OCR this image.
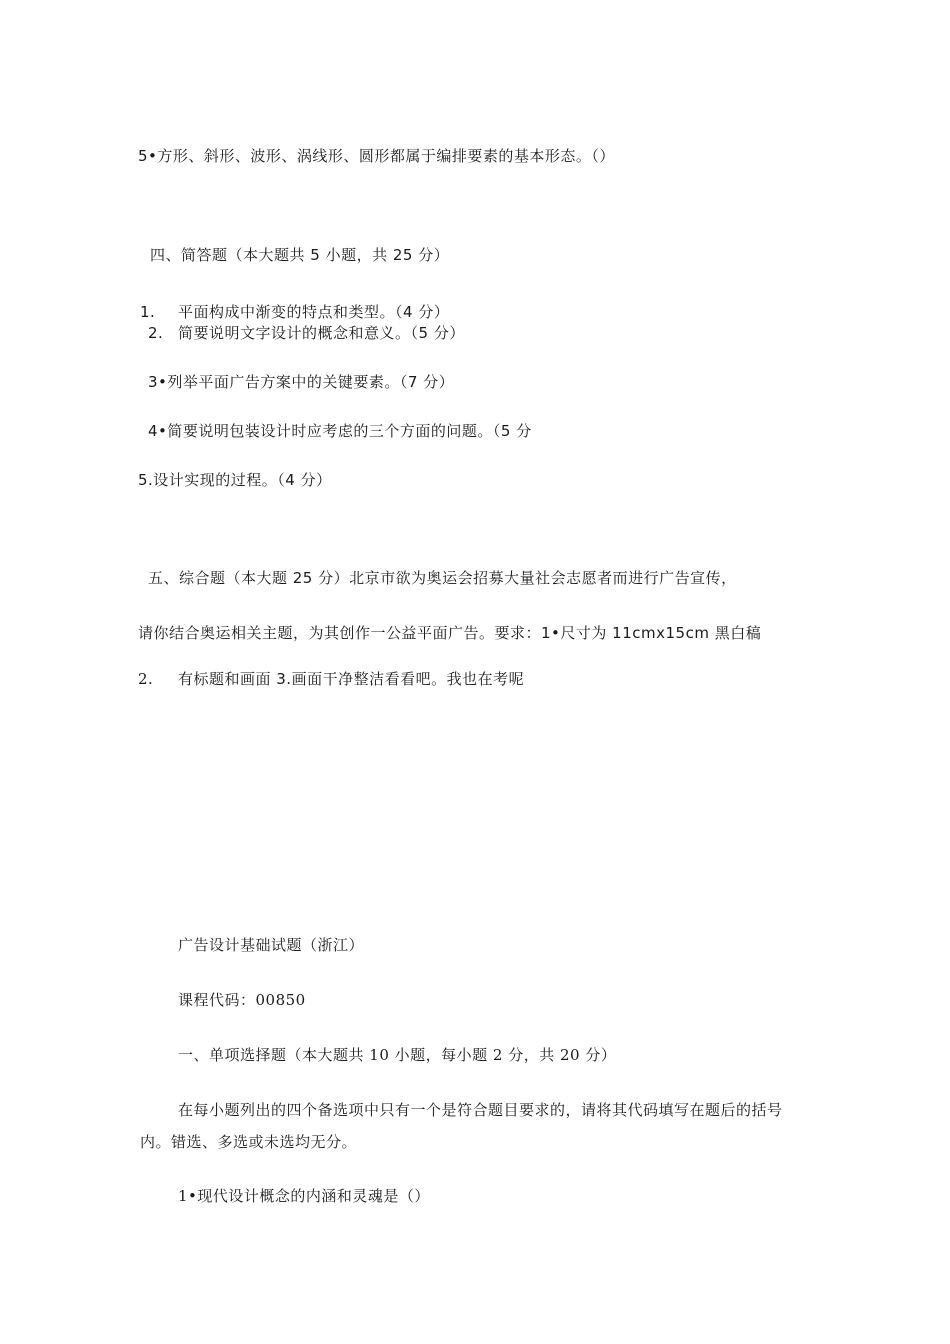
5•方形、斜形、波形、涡线形、圆形都属于编排要素的基本形态。（）
四、简答题（本大题共 5 小题，共 25 分）
1. 平面构成中渐变的特点和类型。（4 分）
2. 简要说明文字设计的概念和意义。（5 分）
3•列举平面广告方案中的关键要素。（7 分）
4•简要说明包装设计时应考虑的三个方面的问题。（5 分
5.设计实现的过程。（4 分）
五、综合题（本大题 25 分）北京市欲为奥运会招募大量社会志愿者而进行广告宣传，
请你结合奥运相关主题，为其创作一公益平面广告。要求：1•尺寸为 11cmx15cm 黑白稿
2. 有标题和画面 3.画面干净整洁看看吧。我也在考呢
广告设计基础试题（浙江）
课程代码：00850
一、单项选择题（本大题共 10 小题，每小题 2 分，共 20 分）
在每小题列出的四个备选项中只有一个是符合题目要求的，请将其代码填写在题后的括号内。错选、多选或未选均无分。
1•现代设计概念的内涵和灵魂是（）
